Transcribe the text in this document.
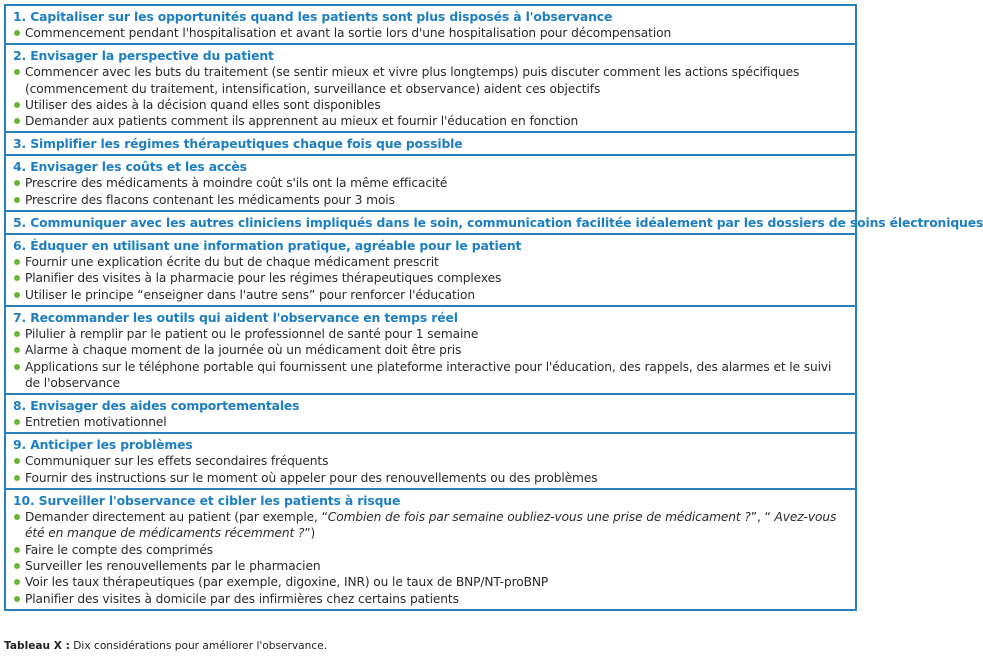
1. Capitaliser sur les opportunités quand les patients sont plus disposés à l'observance
Commencement pendant l'hospitalisation et avant la sortie lors d'une hospitalisation pour décompensation
2. Envisager la perspective du patient
Commencer avec les buts du traitement (se sentir mieux et vivre plus longtemps) puis discuter comment les actions spécifiques (commencement du traitement, intensification, surveillance et observance) aident ces objectifs
Utiliser des aides à la décision quand elles sont disponibles
Demander aux patients comment ils apprennent au mieux et fournir l'éducation en fonction
3. Simplifier les régimes thérapeutiques chaque fois que possible
4. Envisager les coûts et les accès
Prescrire des médicaments à moindre coût s'ils ont la même efficacité
Prescrire des flacons contenant les médicaments pour 3 mois
5. Communiquer avec les autres cliniciens impliqués dans le soin, communication facilitée idéalement par les dossiers de soins électroniques
6. Éduquer en utilisant une information pratique, agréable pour le patient
Fournir une explication écrite du but de chaque médicament prescrit
Planifier des visites à la pharmacie pour les régimes thérapeutiques complexes
Utiliser le principe “enseigner dans l'autre sens” pour renforcer l'éducation
7. Recommander les outils qui aident l'observance en temps réel
Pilulier à remplir par le patient ou le professionnel de santé pour 1 semaine
Alarme à chaque moment de la journée où un médicament doit être pris
Applications sur le téléphone portable qui fournissent une plateforme interactive pour l'éducation, des rappels, des alarmes et le suivi de l'observance
8. Envisager des aides comportementales
Entretien motivationnel
9. Anticiper les problèmes
Communiquer sur les effets secondaires fréquents
Fournir des instructions sur le moment où appeler pour des renouvellements ou des problèmes
10. Surveiller l'observance et cibler les patients à risque
Demander directement au patient (par exemple, “Combien de fois par semaine oubliez-vous une prise de médicament ?”, “ Avez-vous été en manque de médicaments récemment ?”)
Faire le compte des comprimés
Surveiller les renouvellements par le pharmacien
Voir les taux thérapeutiques (par exemple, digoxine, INR) ou le taux de BNP/NT-proBNP
Planifier des visites à domicile par des infirmières chez certains patients
Tableau X : Dix considérations pour améliorer l'observance.
